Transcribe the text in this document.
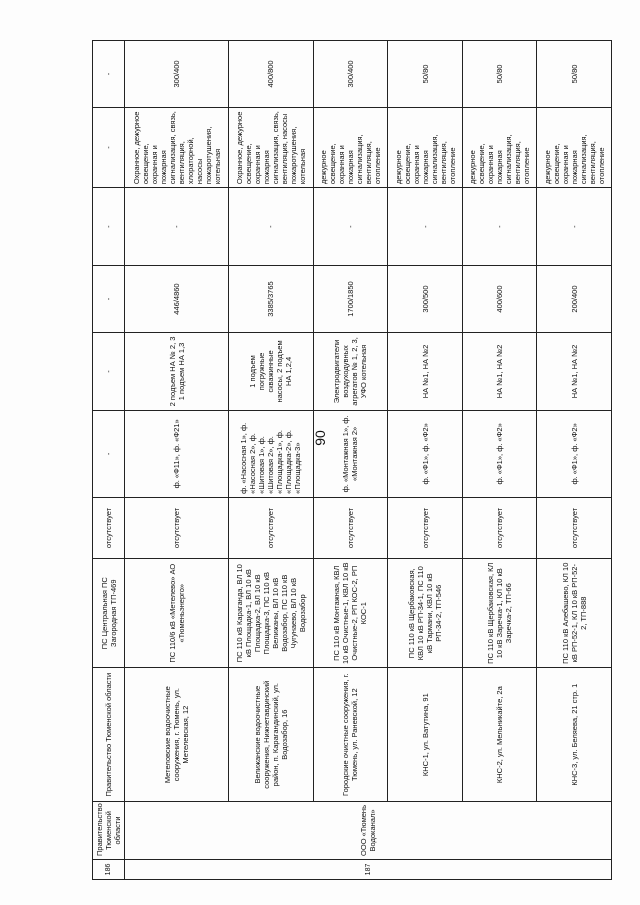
90
186	Правительство Тюменской области	Правительство Тюменской области	ПС Центральная ПС Загородная ТП-469	отсутствует	-	-	-	-	-	-
187	ООО «Тюмень Водоканал»	Метеловские водоочистные сооружения, г. Тюмень, ул. Метелевская, 12	ПС 110/6 кВ «Метелево» АО «Тюменьэнерго»	отсутствует	ф. «Ф11», ф. «Ф21»	2 подъем НА № 2, 3 1 подъем НА 1,3	446/4860	-	Охранное, дежурное освещение, охранная и пожарная сигнализация, связь, вентиляция, хлораторной, насосы пожаротушения, котельная	300/400
		Велижанские водоочистные сооружения, Нижнетавдинский район, п. Карагандинский, ул. Водозабор, 16	ПС 110 кВ Караганда, ВЛ 10 кВ Площадка-1, ВЛ 10 кВ Площадка-2, ВЛ 10 кВ Площадка-3, ПС 110 кВ Велижаны, ВЛ 10 кВ Водозабор, ПС 110 кВ Чугунаево, ВЛ 10 кВ Водозабор	отсутствует	ф. «Насосная 1», ф. «Насосная 2», ф. «Шитовая 1», ф. «Шитовая 2», ф. «Площадка-1», ф. «Площадка-2», ф. «Площадка-3»	1 подъем погружные скважинные насосы, 2 подъем НА 1,2,4	3385/3765	-	Охранное, дежурное освещение, охранная и пожарная сигнализация, связь, вентиляция, насосы пожаротушения, котельная	400/800
		Городские очистные сооружения, г. Тюмень, ул. Раневской, 12	ПС 110 кВ Монтажная, КВЛ 10 кВ Очистные-1, КВЛ 10 кВ Очистные-2, РП КОС-2, РП КОС-1	отсутствует	ф. «Монтажная 1», ф. «Монтажная 2»	Электродвигатели воздуходувных агрегатов № 1, 2, 3, УФО котельная	1700/1850	-	дежурное освещение, охранная и пожарная сигнализация, вентиляция, отопление	300/400
		КНС-1, ул. Ватутина, 91	ПС 110 кВ Щербаковская, КВЛ 10 кВ РП-34-1, ПС 110 кВ Тармани, КВЛ 10 кВ РП-34-2, ТП-546	отсутствует	ф. «Ф1», ф. «Ф2»	НА №1, НА №2	300/500	-	дежурное освещение, охранная и пожарная сигнализация, вентиляция, отопление	50/80
		КНС-2, ул. Мельникайте, 2а	ПС 110 кВ Щербаковская, КЛ 10 кВ Заречка-1, КЛ 10 кВ Заречка-2, ТП-66	отсутствует	ф. «Ф1», ф. «Ф2»	НА №1, НА №2	400/600	-	дежурное освещение, охранная и пожарная сигнализация, вентиляция, отопление	50/80
		КНС-3, ул. Беляева, 21 стр. 1	ПС 110 кВ Алебашево, КЛ 10 кВ РП-52-1, КЛ 10 кВ РП-52-2, ТП-888	отсутствует	ф. «Ф1», ф. «Ф2»	НА №1, НА №2	200/400	-	дежурное освещение, охранная и пожарная сигнализация, вентиляция, отопление	50/80
